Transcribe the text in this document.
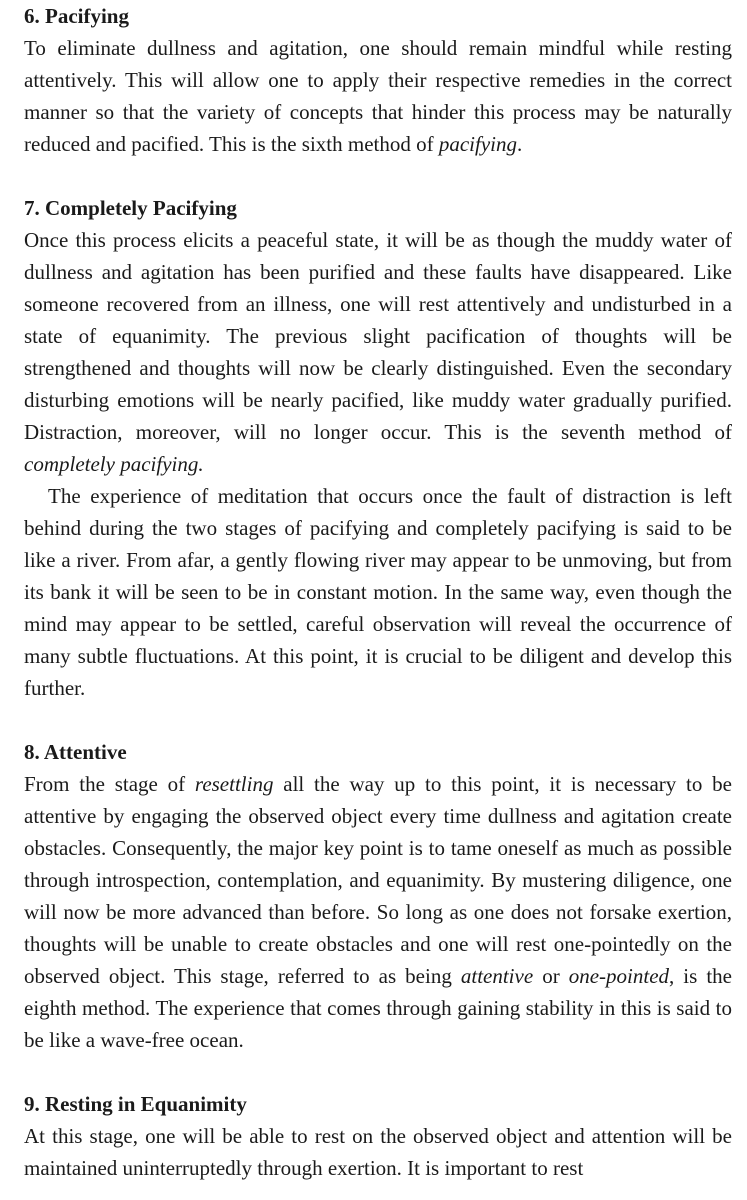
6. Pacifying

To eliminate dullness and agitation, one should remain mindful while resting attentively. This will allow one to apply their respective remedies in the correct manner so that the variety of concepts that hinder this process may be naturally reduced and pacified. This is the sixth method of pacifying.

7. Completely Pacifying

Once this process elicits a peaceful state, it will be as though the muddy water of dullness and agitation has been purified and these faults have disappeared. Like someone recovered from an illness, one will rest attentively and undisturbed in a state of equanimity. The previous slight pacification of thoughts will be strengthened and thoughts will now be clearly distinguished. Even the secondary disturbing emotions will be nearly pacified, like muddy water gradually purified. Distraction, moreover, will no longer occur. This is the seventh method of completely pacifying.

The experience of meditation that occurs once the fault of distraction is left behind during the two stages of pacifying and completely pacifying is said to be like a river. From afar, a gently flowing river may appear to be unmoving, but from its bank it will be seen to be in constant motion. In the same way, even though the mind may appear to be settled, careful observation will reveal the occurrence of many subtle fluctuations. At this point, it is crucial to be diligent and develop this further.

8. Attentive

From the stage of resettling all the way up to this point, it is necessary to be attentive by engaging the observed object every time dullness and agitation create obstacles. Consequently, the major key point is to tame oneself as much as possible through introspection, contemplation, and equanimity. By mustering diligence, one will now be more advanced than before. So long as one does not forsake exertion, thoughts will be unable to create obstacles and one will rest one-pointedly on the observed object. This stage, referred to as being attentive or one-pointed, is the eighth method. The experience that comes through gaining stability in this is said to be like a wave-free ocean.

9. Resting in Equanimity

At this stage, one will be able to rest on the observed object and attention will be maintained uninterruptedly through exertion. It is important to rest
